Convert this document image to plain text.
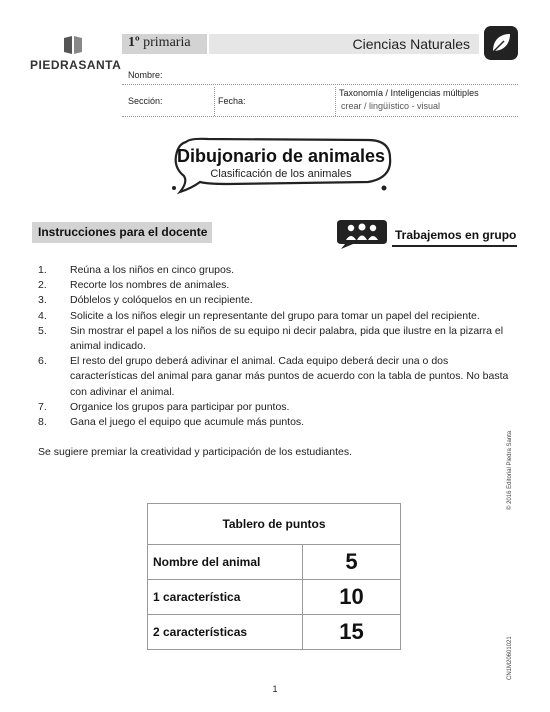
PIEDRASANTA
1º primaria	Ciencias Naturales
Nombre:
Taxonomía / Inteligencias múltiples
crear / lingüístico - visual
Sección:	Fecha:
Dibujonario de animales
Clasificación de los animales
Instrucciones para el docente	Trabajemos en grupo
1.	Reúna a los niños en cinco grupos.
2.	Recorte los nombres de animales.
3.	Dóblelos y colóquelos en un recipiente.
4.	Solicite a los niños elegir un representante del grupo para tomar un papel del recipiente.
5.	Sin mostrar el papel a los niños de su equipo ni decir palabra, pida que ilustre en la pizarra el animal indicado.
6.	El resto del grupo deberá adivinar el animal. Cada equipo deberá decir una o dos características del animal para ganar más puntos de acuerdo con la tabla de puntos. No basta con adivinar el animal.
7.	Organice los grupos para participar por puntos.
8.	Gana el juego el equipo que acumule más puntos.
Se sugiere premiar la creatividad y participación de los estudiantes.
Tablero de puntos	
Nombre del animal	5
1 característica	10
2 características	15
© 2016 Editorial Piedra Santa
CN1M20601021
1
